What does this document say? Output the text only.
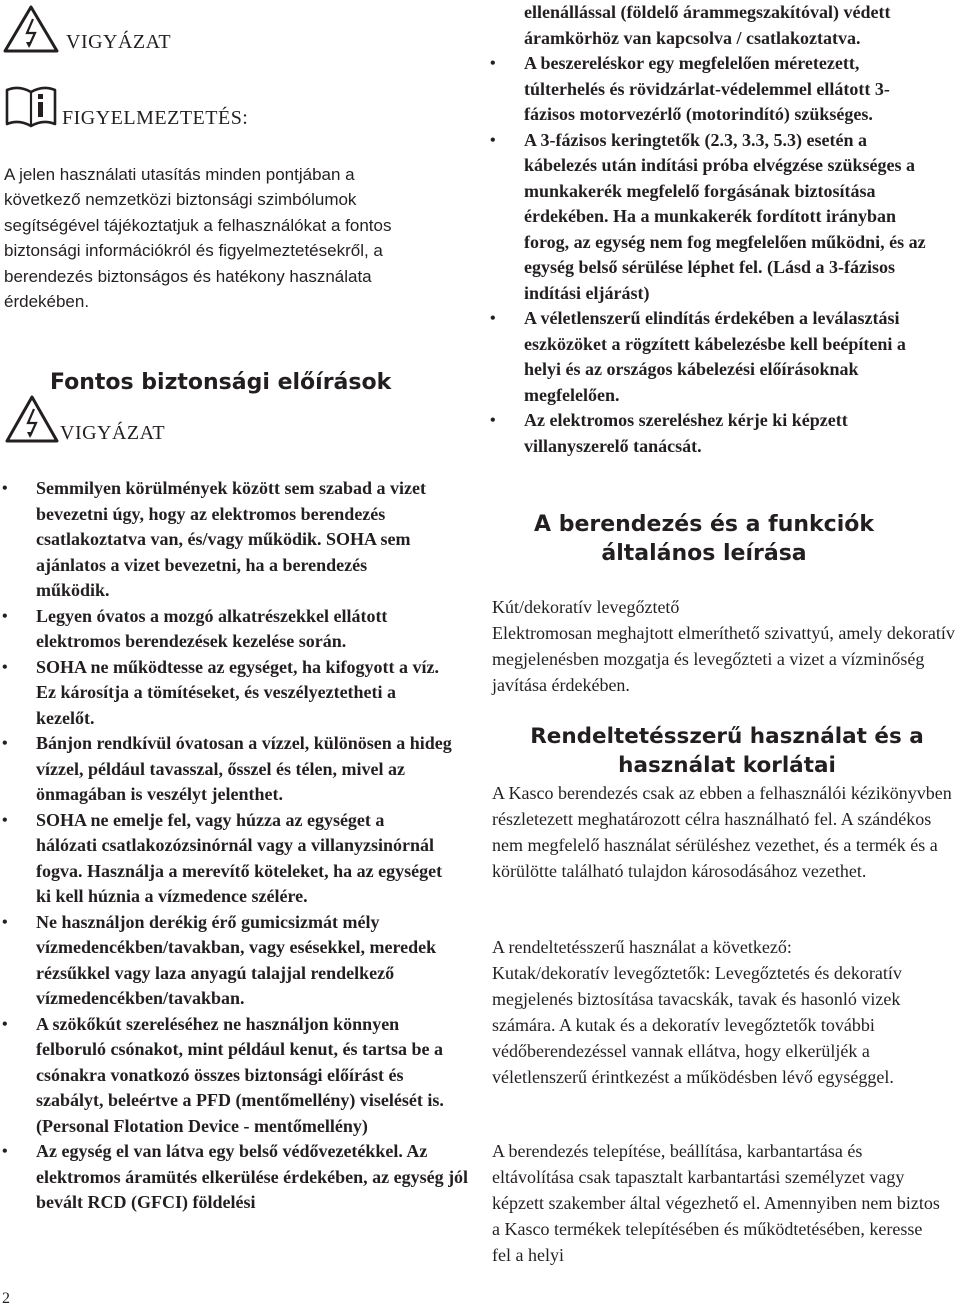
VIGYÁZAT
FIGYELMEZTETÉS:

A jelen használati utasítás minden pontjában a következő nemzetközi biztonsági szimbólumok segítségével tájékoztatjuk a felhasználókat a fontos biztonsági információkról és figyelmeztetésekről, a berendezés biztonságos és hatékony használata érdekében.

Fontos biztonsági előírások
VIGYÁZAT
• Semmilyen körülmények között sem szabad a vizet bevezetni úgy, hogy az elektromos berendezés csatlakoztatva van, és/vagy működik. SOHA sem ajánlatos a vizet bevezetni, ha a berendezés működik.
• Legyen óvatos a mozgó alkatrészekkel ellátott elektromos berendezések kezelése során.
• SOHA ne működtesse az egységet, ha kifogyott a víz. Ez károsítja a tömítéseket, és veszélyeztetheti a kezelőt.
• Bánjon rendkívül óvatosan a vízzel, különösen a hideg vízzel, például tavasszal, ősszel és télen, mivel az önmagában is veszélyt jelenthet.
• SOHA ne emelje fel, vagy húzza az egységet a hálózati csatlakozózsinórnál vagy a villanyzsinórnál fogva. Használja a merevítő köteleket, ha az egységet ki kell húznia a vízmedence szélére.
• Ne használjon derékig érő gumicsizmát mély vízmedencékben/tavakban, vagy esésekkel, meredek rézsűkkel vagy laza anyagú talajjal rendelkező vízmedencékben/tavakban.
• A szökőkút szereléséhez ne használjon könnyen felboruló csónakot, mint például kenut, és tartsa be a csónakra vonatkozó összes biztonsági előírást és szabályt, beleértve a PFD (mentőmellény) viselését is. (Personal Flotation Device - mentőmellény)
• Az egység el van látva egy belső védővezetékkel. Az elektromos áramütés elkerülése érdekében, az egység jól bevált RCD (GFCI) földelési
2

ellenállással (földelő árammegszakítóval) védett áramkörhöz van kapcsolva / csatlakoztatva.

• A beszereléskor egy megfelelően méretezett, túlterhelés és rövidzárlat-védelemmel ellátott 3-fázisos motorvezérlő (motorindító) szükséges.
• A 3-fázisos keringtetők (2.3, 3.3, 5.3) esetén a kábelezés után indítási próba elvégzése szükséges a munkakerék megfelelő forgásának biztosítása érdekében. Ha a munkakerék fordított irányban forog, az egység nem fog megfelelően működni, és az egység belső sérülése léphet fel. (Lásd a 3-fázisos indítási eljárást)
• A véletlenszerű elindítás érdekében a leválasztási eszközöket a rögzített kábelezésbe kell beépíteni a helyi és az országos kábelezési előírásoknak megfelelően.
• Az elektromos szereléshez kérje ki képzett villanyszerelő tanácsát.
A berendezés és a funkciók
általános leírása

Kút/dekoratív levegőztető
Elektromosan meghajtott elmeríthető szivattyú, amely dekoratív megjelenésben mozgatja és levegőzteti a vizet a vízminőség javítása érdekében.

Rendeltetésszerű használat és a
használat korlátai

A Kasco berendezés csak az ebben a felhasználói kézikönyvben részletezett meghatározott célra használható fel. A szándékos nem megfelelő használat sérüléshez vezethet, és a termék és a körülötte található tulajdon károsodásához vezethet.

A rendeltetésszerű használat a következő:
Kutak/dekoratív levegőztetők: Levegőztetés és dekoratív megjelenés biztosítása tavacskák, tavak és hasonló vizek számára. A kutak és a dekoratív levegőztetők további védőberendezéssel vannak ellátva, hogy elkerüljék a véletlenszerű érintkezést a működésben lévő egységgel.

A berendezés telepítése, beállítása, karbantartása és eltávolítása csak tapasztalt karbantartási személyzet vagy képzett szakember által végezhető el. Amennyiben nem biztos a Kasco termékek telepítésében és működtetésében, keresse fel a helyi
